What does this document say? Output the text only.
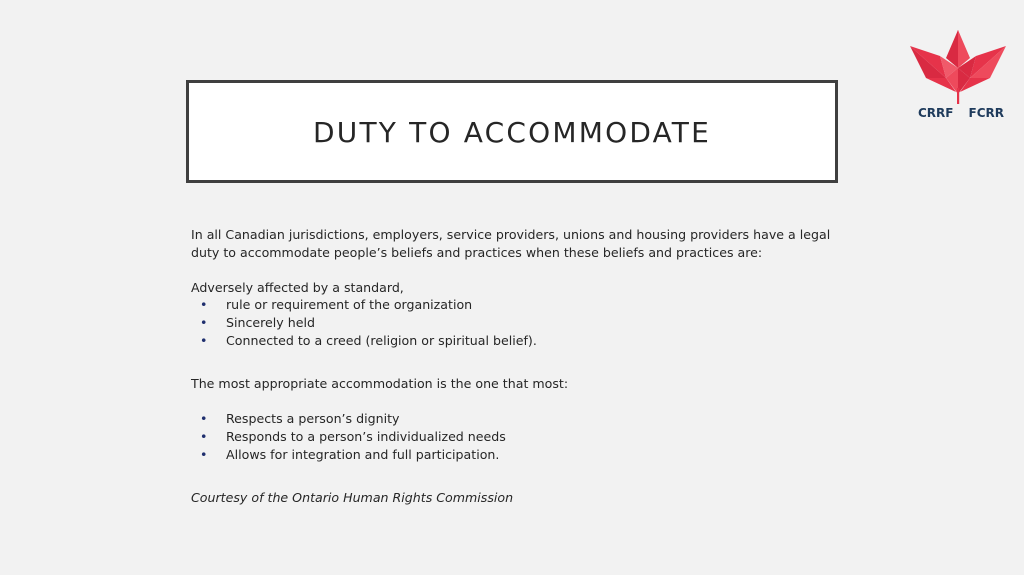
CRRF FCRR
DUTY TO ACCOMMODATE

In all Canadian jurisdictions, employers, service providers, unions and housing providers have a legal duty to accommodate people’s beliefs and practices when these beliefs and practices are:

Adversely affected by a standard,

• rule or requirement of the organization
• Sincerely held
• Connected to a creed (religion or spiritual belief).

The most appropriate accommodation is the one that most:

• Respects a person’s dignity
• Responds to a person’s individualized needs
• Allows for integration and full participation.

Courtesy of the Ontario Human Rights Commission
